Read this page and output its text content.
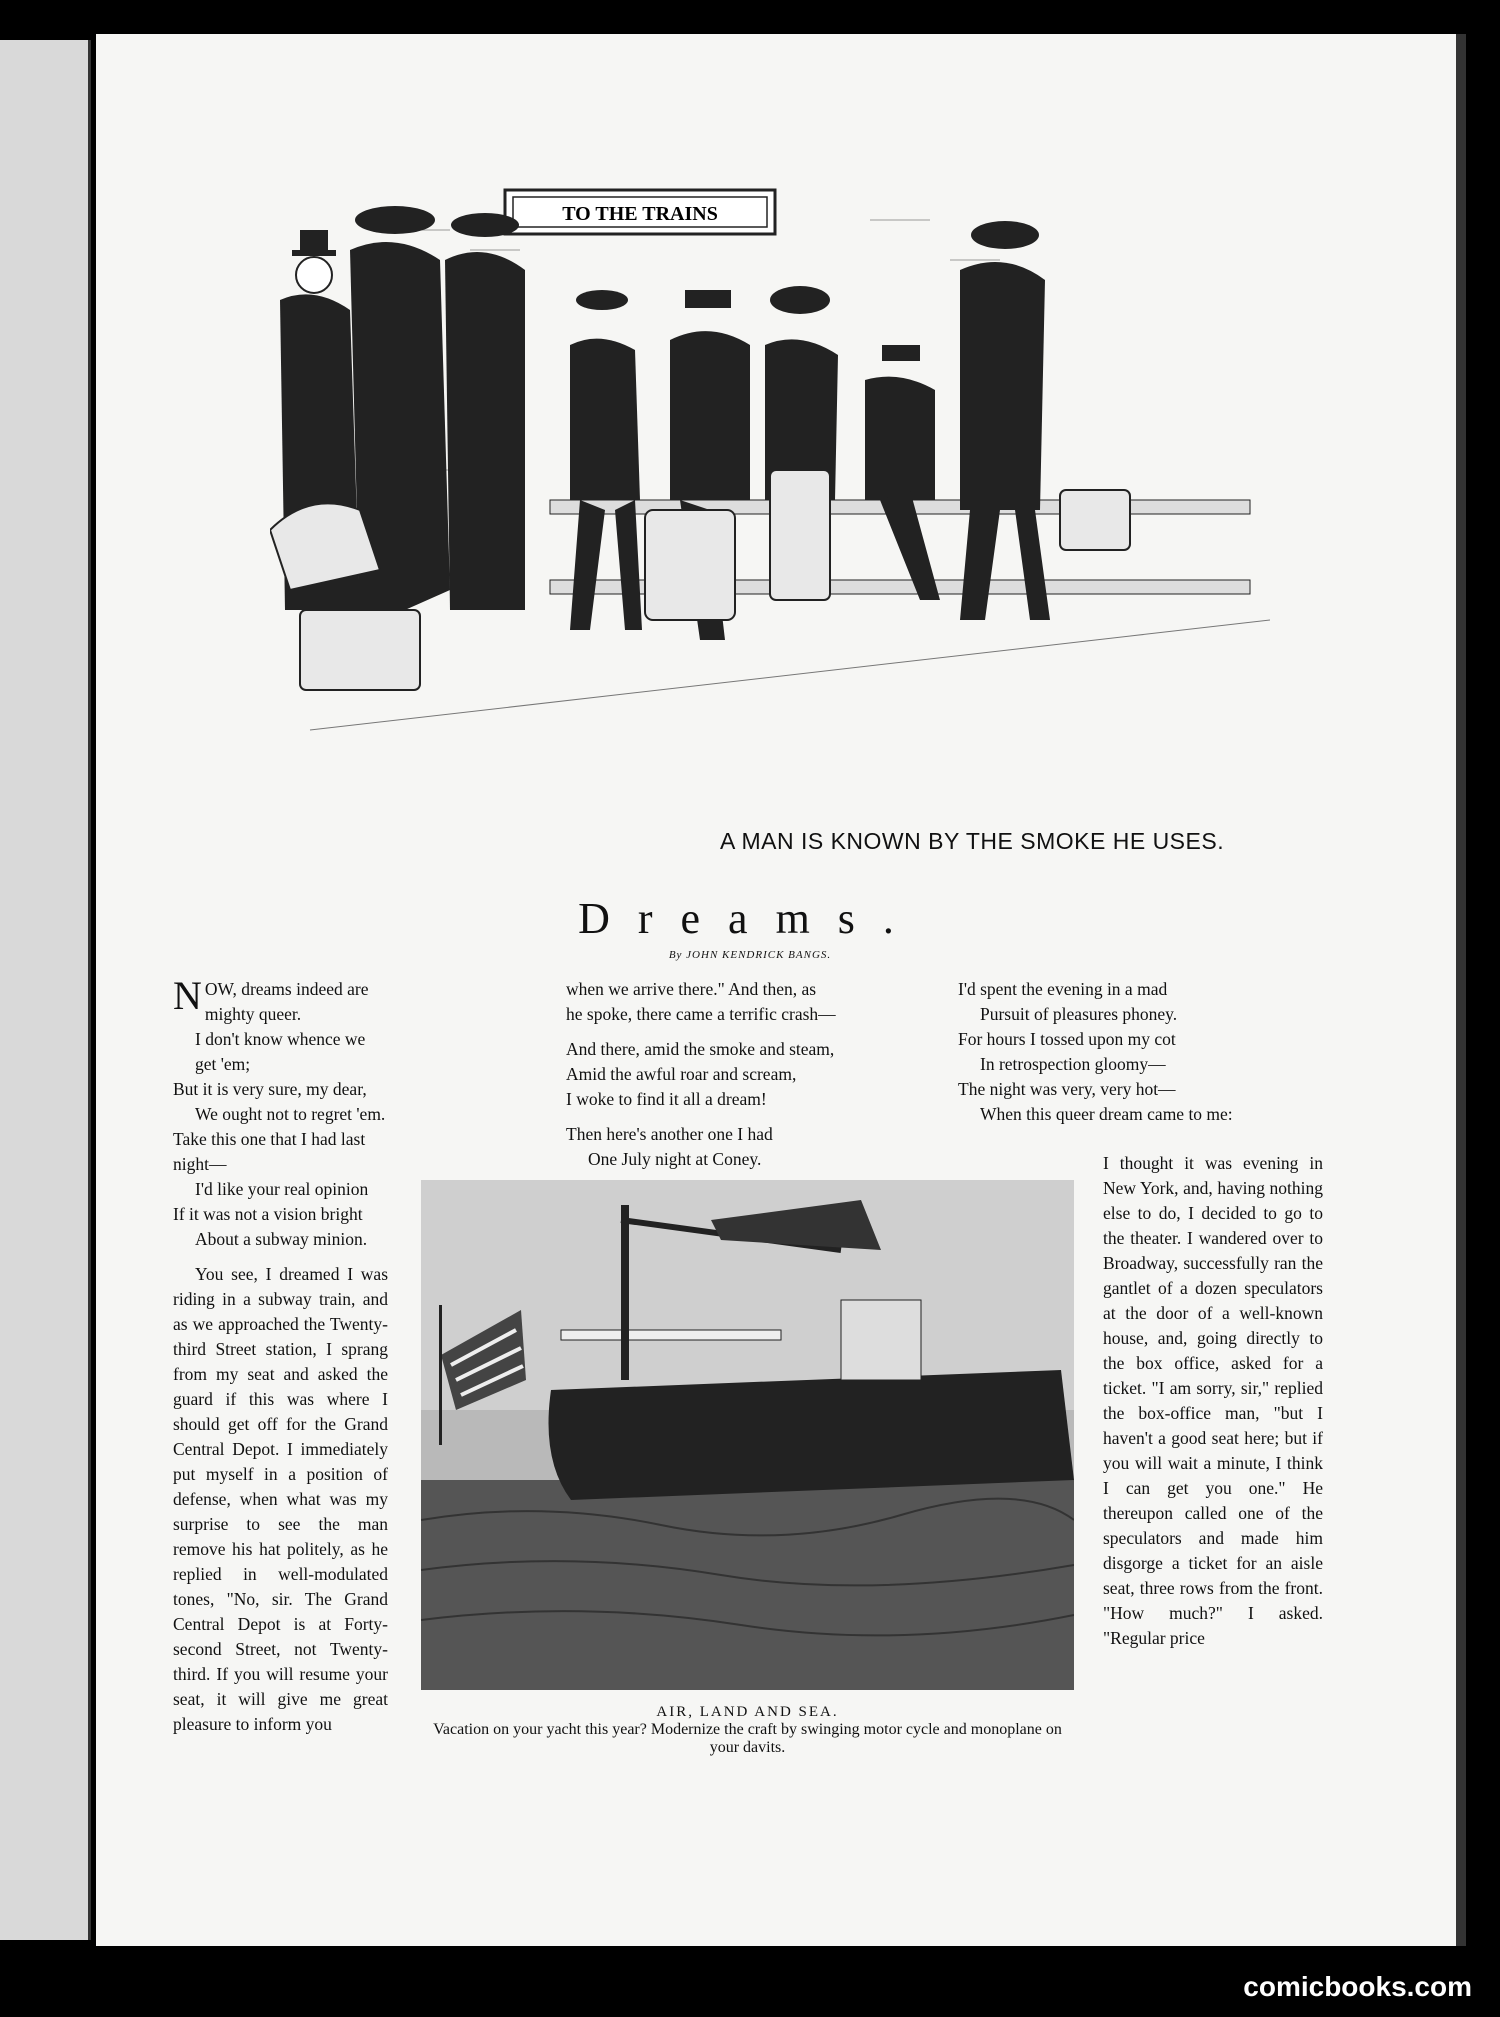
TO THE TRAINS
A MAN IS KNOWN BY THE SMOKE HE USES.
Dreams.
By JOHN KENDRICK BANGS.
N OW, dreams indeed are mighty queer.

I don't know whence we get 'em;

But it is very sure, my dear,

We ought not to regret 'em.

Take this one that I had last night—

I'd like your real opinion

If it was not a vision bright

About a subway minion.

You see, I dreamed I was riding in a subway train, and as we approached the Twenty-third Street station, I sprang from my seat and asked the guard if this was where I should get off for the Grand Central Depot. I immediately put myself in a position of defense, when what was my surprise to see the man remove his hat politely, as he replied in well-modulated tones, "No, sir. The Grand Central Depot is at Forty-second Street, not Twenty-third. If you will resume your seat, it will give me great pleasure to inform you

when we arrive there." And then, as

he spoke, there came a terrific crash—

And there, amid the smoke and steam,

Amid the awful roar and scream,

I woke to find it all a dream!

Then here's another one I had

One July night at Coney.

I'd spent the evening in a mad

Pursuit of pleasures phoney.

For hours I tossed upon my cot

In retrospection gloomy—

The night was very, very hot—

When this queer dream came to me:

I thought it was evening in New York, and, having nothing else to do, I decided to go to the theater. I wandered over to Broadway, successfully ran the gantlet of a dozen speculators at the door of a well-known house, and, going directly to the box office, asked for a ticket. "I am sorry, sir," replied the box-office man, "but I haven't a good seat here; but if you will wait a minute, I think I can get you one." He thereupon called one of the speculators and made him disgorge a ticket for an aisle seat, three rows from the front. "How much?" I asked. "Regular price

AIR, LAND AND SEA.
Vacation on your yacht this year? Modernize the craft by swinging motor cycle and monoplane on your davits.
comicbooks.com
